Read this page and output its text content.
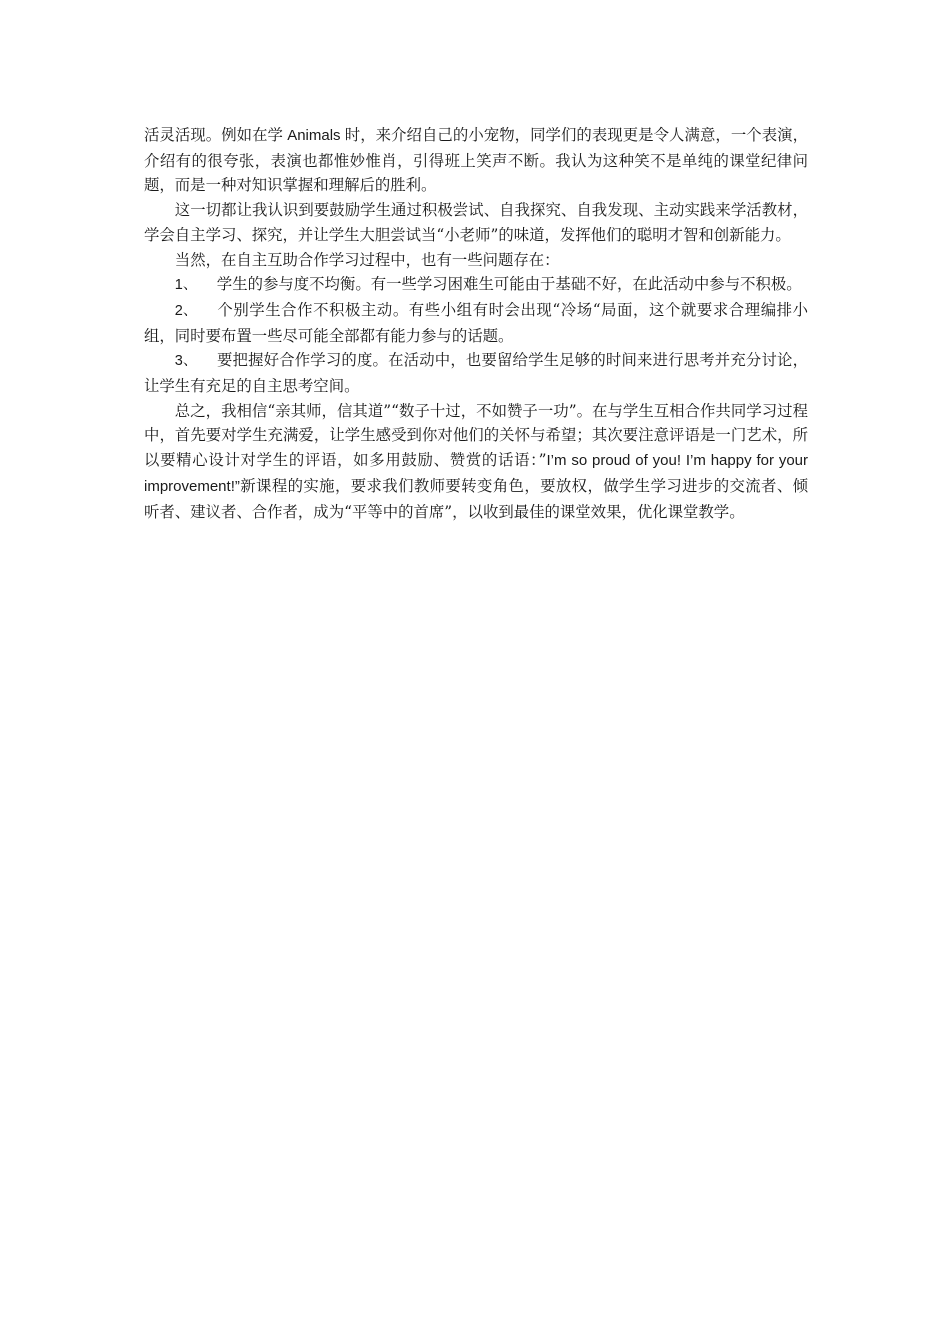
活灵活现。例如在学 Animals 时，来介绍自己的小宠物，同学们的表现更是令人满意，一个表演，介绍有的很夸张，表演也都惟妙惟肖，引得班上笑声不断。我认为这种笑不是单纯的课堂纪律问题，而是一种对知识掌握和理解后的胜利。

这一切都让我认识到要鼓励学生通过积极尝试、自我探究、自我发现、主动实践来学活教材，学会自主学习、探究，并让学生大胆尝试当“小老师”的味道，发挥他们的聪明才智和创新能力。

当然，在自主互助合作学习过程中，也有一些问题存在：

1、 学生的参与度不均衡。有一些学习困难生可能由于基础不好，在此活动中参与不积极。

2、 个别学生合作不积极主动。有些小组有时会出现“冷场“局面，这个就要求合理编排小组，同时要布置一些尽可能全部都有能力参与的话题。

3、 要把握好合作学习的度。在活动中，也要留给学生足够的时间来进行思考并充分讨论，让学生有充足的自主思考空间。

总之，我相信“亲其师，信其道”“数子十过，不如赞子一功”。在与学生互相合作共同学习过程中，首先要对学生充满爱，让学生感受到你对他们的关怀与希望；其次要注意评语是一门艺术，所以要精心设计对学生的评语，如多用鼓励、赞赏的话语：”I’m so proud of you! I’m happy for your improvement!”新课程的实施，要求我们教师要转变角色，要放权，做学生学习进步的交流者、倾听者、建议者、合作者，成为“平等中的首席”，以收到最佳的课堂效果，优化课堂教学。
